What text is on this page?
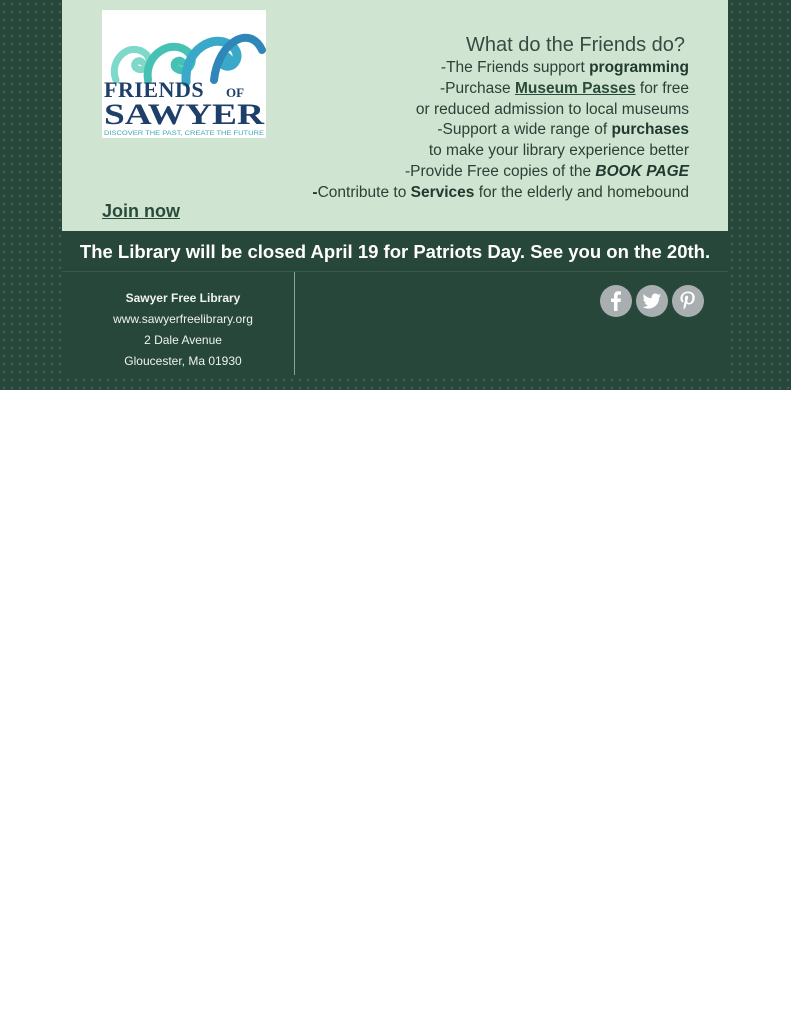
FRIENDS OF
SAWYER
DISCOVER THE PAST, CREATE THE FUTURE
What do the Friends do?
-The Friends support programming
-Purchase Museum Passes for free
or reduced admission to local museums
-Support a wide range of purchases
to make your library experience better
-Provide Free copies of the BOOK PAGE
-Contribute to Services for the elderly and homebound
Join now
The Library will be closed April 19 for Patriots Day. See you on the 20th.
Sawyer Free Library
www.sawyerfreelibrary.org
2 Dale Avenue
Gloucester, Ma 01930
